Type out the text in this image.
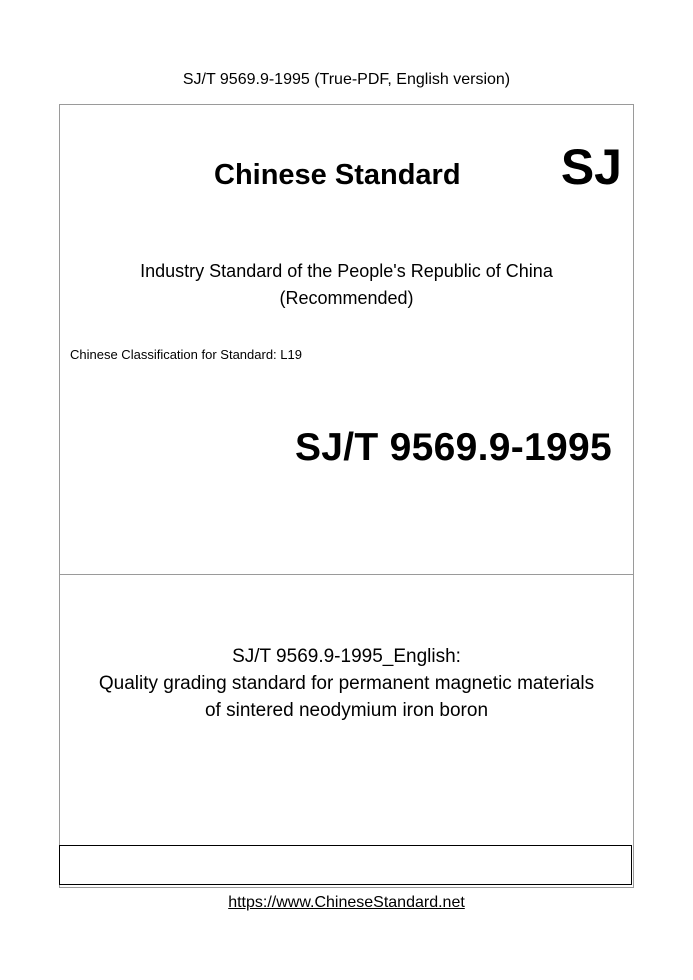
SJ/T 9569.9-1995 (True-PDF, English version)
Chinese Standard SJ
Industry Standard of the People's Republic of China
(Recommended)
Chinese Classification for Standard: L19
SJ/T 9569.9-1995
SJ/T 9569.9-1995_English:
Quality grading standard for permanent magnetic materials
of sintered neodymium iron boron
https://www.ChineseStandard.net
